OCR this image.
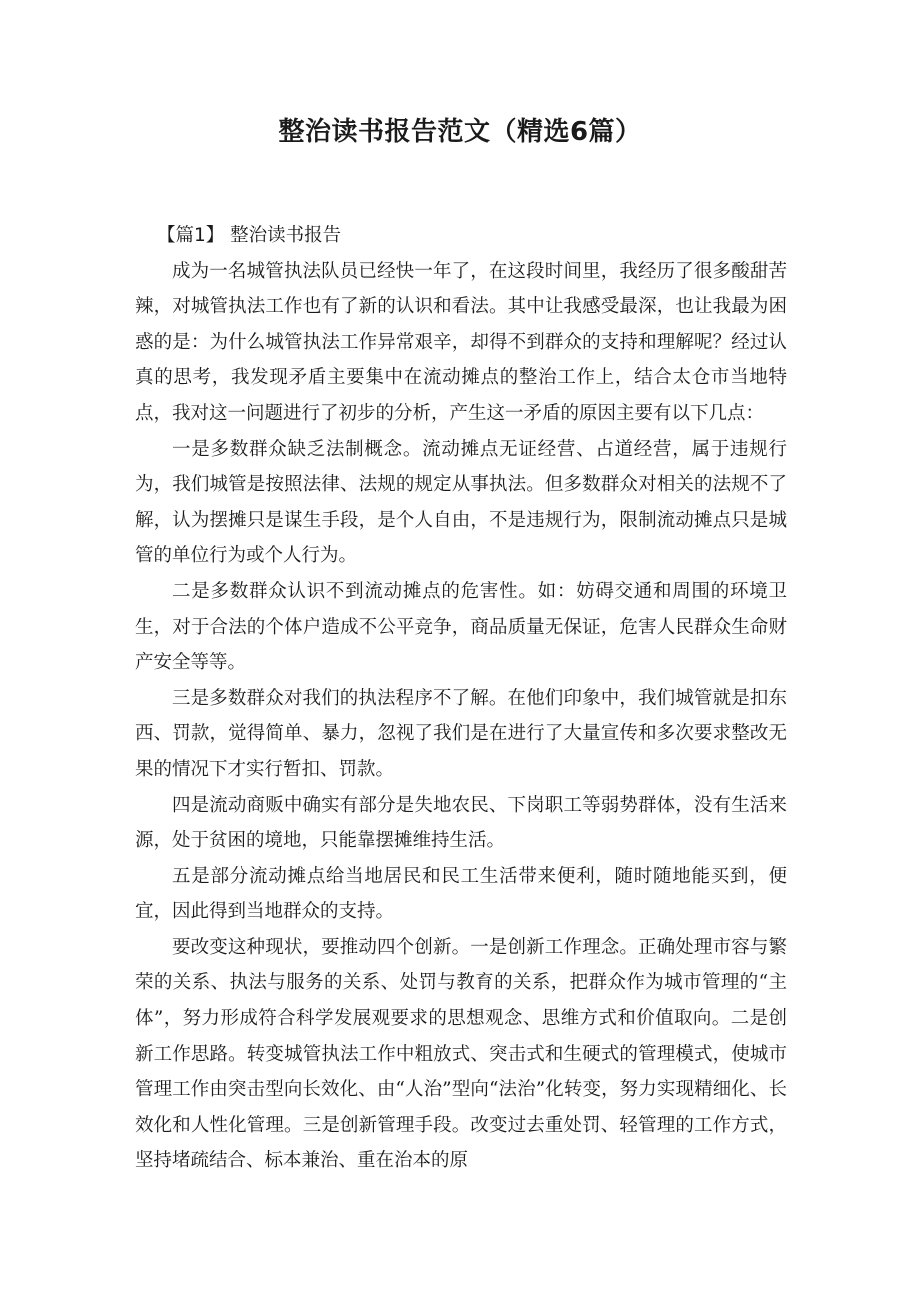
整治读书报告范文（精选6篇）

【篇1】 整治读书报告

成为一名城管执法队员已经快一年了，在这段时间里，我经历了很多酸甜苦辣，对城管执法工作也有了新的认识和看法。其中让我感受最深，也让我最为困惑的是：为什么城管执法工作异常艰辛，却得不到群众的支持和理解呢？经过认真的思考，我发现矛盾主要集中在流动摊点的整治工作上，结合太仓市当地特点，我对这一问题进行了初步的分析，产生这一矛盾的原因主要有以下几点：

一是多数群众缺乏法制概念。流动摊点无证经营、占道经营，属于违规行为，我们城管是按照法律、法规的规定从事执法。但多数群众对相关的法规不了解，认为摆摊只是谋生手段，是个人自由，不是违规行为，限制流动摊点只是城管的单位行为或个人行为。

二是多数群众认识不到流动摊点的危害性。如：妨碍交通和周围的环境卫生，对于合法的个体户造成不公平竞争，商品质量无保证，危害人民群众生命财产安全等等。

三是多数群众对我们的执法程序不了解。在他们印象中，我们城管就是扣东西、罚款，觉得简单、暴力，忽视了我们是在进行了大量宣传和多次要求整改无果的情况下才实行暂扣、罚款。

四是流动商贩中确实有部分是失地农民、下岗职工等弱势群体，没有生活来源，处于贫困的境地，只能靠摆摊维持生活。

五是部分流动摊点给当地居民和民工生活带来便利，随时随地能买到，便宜，因此得到当地群众的支持。

要改变这种现状，要推动四个创新。一是创新工作理念。正确处理市容与繁荣的关系、执法与服务的关系、处罚与教育的关系，把群众作为城市管理的“主体”，努力形成符合科学发展观要求的思想观念、思维方式和价值取向。二是创新工作思路。转变城管执法工作中粗放式、突击式和生硬式的管理模式，使城市管理工作由突击型向长效化、由“人治”型向“法治”化转变，努力实现精细化、长效化和人性化管理。三是创新管理手段。改变过去重处罚、轻管理的工作方式，坚持堵疏结合、标本兼治、重在治本的原
